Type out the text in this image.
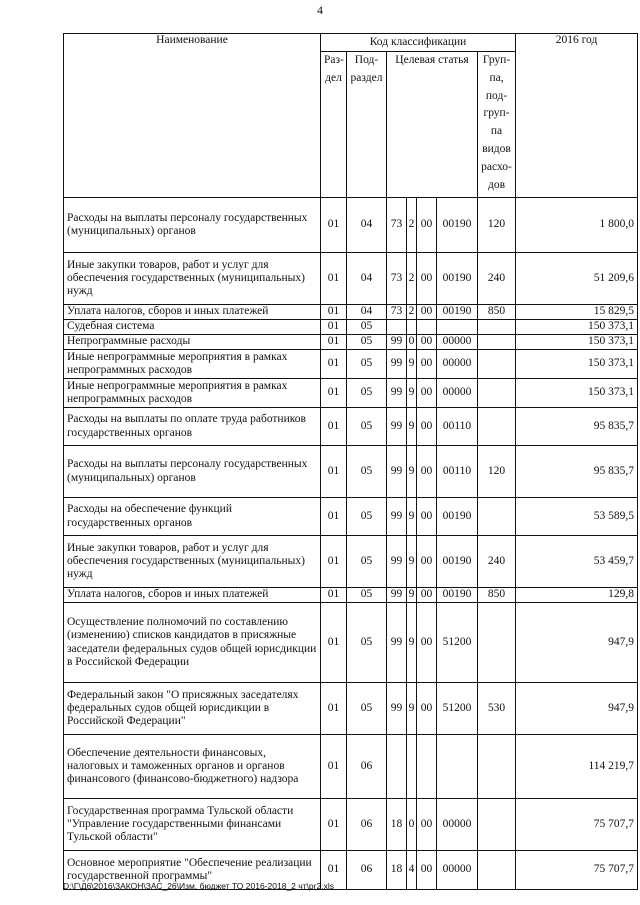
4
Наименование	Код классификации							2016 год
	Раз-дел	Под-раздел	Целевая статья				Груп-па, под-груп-па видов расхо-дов	
Расходы на выплаты персоналу государственных (муниципальных) органов	01	04	73	2	00	00190	120	1 800,0
Иные закупки товаров, работ и услуг для обеспечения государственных (муниципальных) нужд	01	04	73	2	00	00190	240	51 209,6
Уплата налогов, сборов и иных платежей	01	04	73	2	00	00190	850	15 829,5
Судебная система	01	05						150 373,1
Непрограммные расходы	01	05	99	0	00	00000		150 373,1
Иные непрограммные мероприятия в рамках непрограммных расходов	01	05	99	9	00	00000		150 373,1
Иные непрограммные мероприятия в рамках непрограммных расходов	01	05	99	9	00	00000		150 373,1
Расходы на выплаты по оплате труда работников государственных органов	01	05	99	9	00	00110		95 835,7
Расходы на выплаты персоналу государственных (муниципальных) органов	01	05	99	9	00	00110	120	95 835,7
Расходы на обеспечение функций государственных органов	01	05	99	9	00	00190		53 589,5
Иные закупки товаров, работ и услуг для обеспечения государственных (муниципальных) нужд	01	05	99	9	00	00190	240	53 459,7
Уплата налогов, сборов и иных платежей	01	05	99	9	00	00190	850	129,8
Осуществление полномочий по составлению (изменению) списков кандидатов в присяжные заседатели федеральных судов общей юрисдикции в Российской Федерации	01	05	99	9	00	51200		947,9
Федеральный закон "О присяжных заседателях федеральных судов общей юрисдикции в Российской Федерации"	01	05	99	9	00	51200	530	947,9
Обеспечение деятельности финансовых, налоговых и таможенных органов и органов финансового (финансово-бюджетного) надзора	01	06						114 219,7
Государственная программа Тульской области "Управление государственными финансами Тульской области"	01	06	18	0	00	00000		75 707,7
Основное мероприятие "Обеспечение реализации государственной программы"	01	06	18	4	00	00000		75 707,7
D:\Г\Д6\2016\ЗАКОН\ЗАС_26\Изм. бюджет ТО 2016-2018_2 чт\pr2.xls
